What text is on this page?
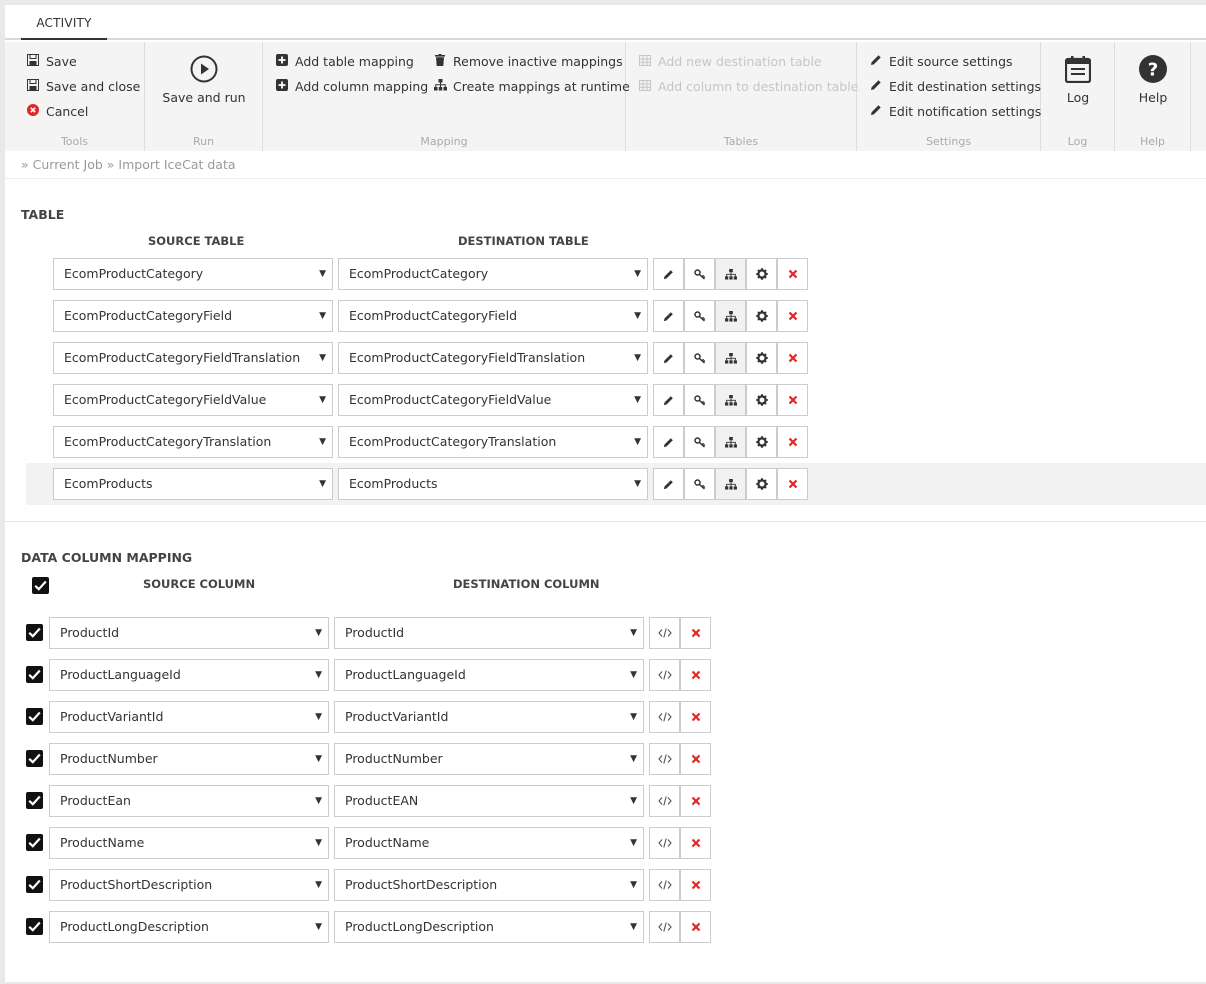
ACTIVITY
Save
Save and close
Cancel
Tools
Save and run
Run
Add table mapping
Add column mapping
Remove inactive mappings
Create mappings at runtime
Mapping
Add new destination table
Add column to destination table
Tables
Edit source settings
Edit destination settings
Edit notification settings
Settings
Log
Log
?
Help
Help
» Current Job » Import IceCat data
TABLE
SOURCE TABLE	DESTINATION TABLE
EcomProductCategory	▼	EcomProductCategory	▼
EcomProductCategoryField	▼	EcomProductCategoryField	▼
EcomProductCategoryFieldTranslation ▼	EcomProductCategoryFieldTranslation	▼
EcomProductCategoryFieldValue	▼	EcomProductCategoryFieldValue	▼
EcomProductCategoryTranslation	▼	EcomProductCategoryTranslation	▼
EcomProducts	▼	EcomProducts	▼
DATA COLUMN MAPPING
SOURCE COLUMN	DESTINATION COLUMN
ProductId	▼	ProductId	▼
ProductLanguageId	▼	ProductLanguageId	▼
ProductVariantId	▼	ProductVariantId	▼
ProductNumber	▼	ProductNumber	▼
ProductEan	▼	ProductEAN	▼
ProductName	▼	ProductName	▼
ProductShortDescription	▼	ProductShortDescription	▼
ProductLongDescription	▼	ProductLongDescription	▼
